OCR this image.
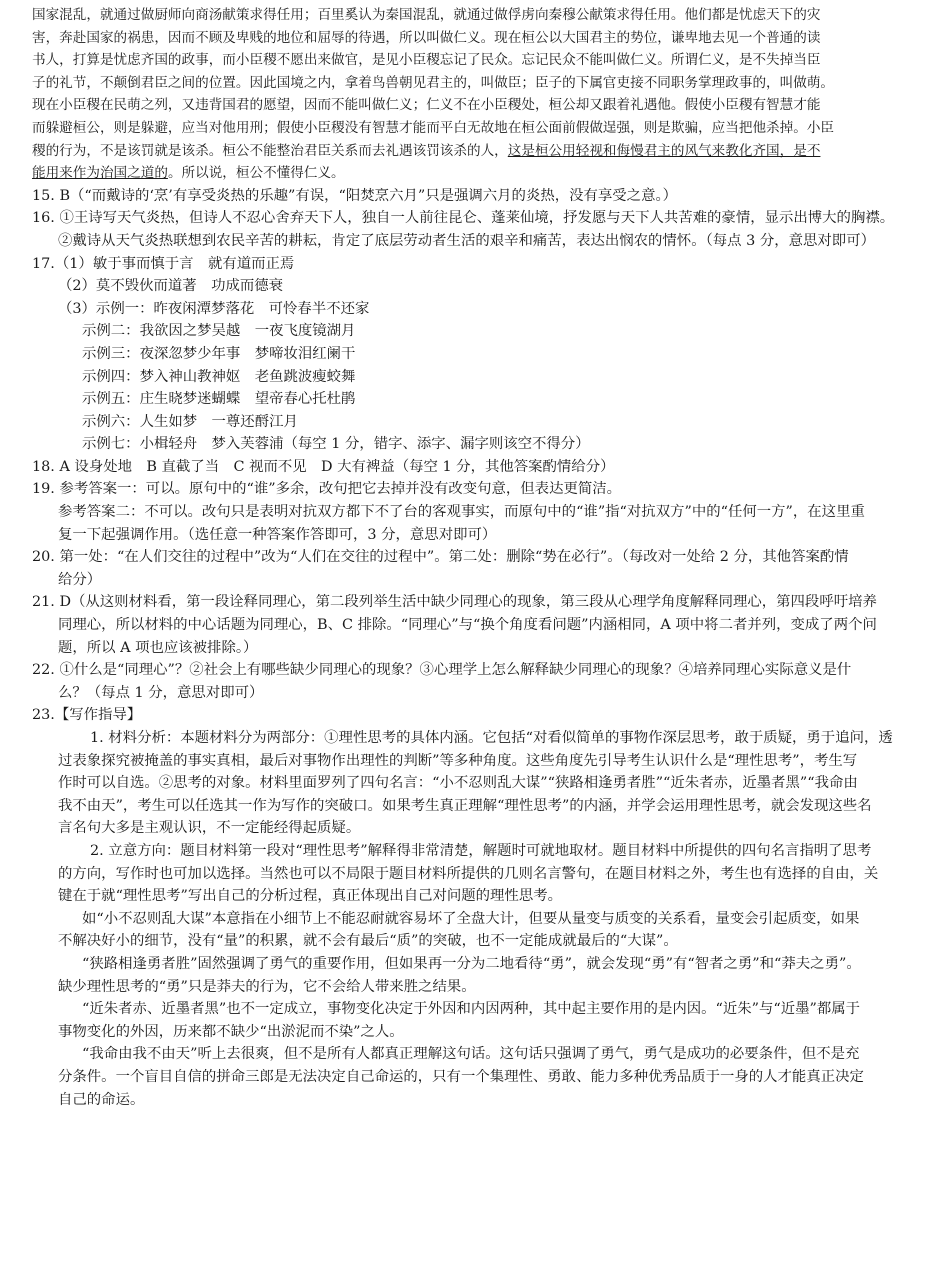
国家混乱，就通过做厨师向商汤献策求得任用；百里奚认为秦国混乱，就通过做俘虏向秦穆公献策求得任用。他们都是忧虑天下的灾
害，奔赴国家的祸患，因而不顾及卑贱的地位和屈辱的待遇，所以叫做仁义。现在桓公以大国君主的势位，谦卑地去见一个普通的读
书人，打算是忧虑齐国的政事，而小臣稷不愿出来做官，是见小臣稷忘记了民众。忘记民众不能叫做仁义。所谓仁义，是不失掉当臣
子的礼节，不颠倒君臣之间的位置。因此国境之内，拿着鸟兽朝见君主的，叫做臣；臣子的下属官吏接不同职务掌理政事的，叫做萌。
现在小臣稷在民萌之列，又违背国君的愿望，因而不能叫做仁义；仁义不在小臣稷处，桓公却又跟着礼遇他。假使小臣稷有智慧才能
而躲避桓公，则是躲避，应当对他用刑；假使小臣稷没有智慧才能而平白无故地在桓公面前假做逞强，则是欺骗，应当把他杀掉。小臣
稷的行为，不是该罚就是该杀。桓公不能整治君臣关系而去礼遇该罚该杀的人，这是桓公用轻视和侮慢君主的风气来教化齐国，是不
能用来作为治国之道的。所以说，桓公不懂得仁义。
15. B（“而戴诗的‘烹’有享受炎热的乐趣”有误，“阳焚烹六月”只是强调六月的炎热，没有享受之意。）
16. ①王诗写天气炎热，但诗人不忍心舍弃天下人，独自一人前往昆仑、蓬莱仙境，抒发愿与天下人共苦难的豪情，显示出博大的胸襟。
②戴诗从天气炎热联想到农民辛苦的耕耘，肯定了底层劳动者生活的艰辛和痛苦，表达出悯农的情怀。（每点 3 分，意思对即可）
17.（1）敏于事而慎于言　就有道而正焉
（2）莫不毁伙而道著　功成而德衰
（3）示例一：昨夜闲潭梦落花　可怜春半不还家
示例二：我欲因之梦吴越　一夜飞度镜湖月
示例三：夜深忽梦少年事　梦啼妆泪红阑干
示例四：梦入神山教神妪　老鱼跳波瘦蛟舞
示例五：庄生晓梦迷蝴蝶　望帝春心托杜鹃
示例六：人生如梦　一尊还酹江月
示例七：小楫轻舟　梦入芙蓉浦（每空 1 分，错字、添字、漏字则该空不得分）
18. A 设身处地　B 直截了当　C 视而不见　D 大有裨益（每空 1 分，其他答案酌情给分）
19. 参考答案一：可以。原句中的“谁”多余，改句把它去掉并没有改变句意，但表达更简洁。
参考答案二：不可以。改句只是表明对抗双方都下不了台的客观事实，而原句中的“谁”指“对抗双方”中的“任何一方”，在这里重
复一下起强调作用。（选任意一种答案作答即可，3 分，意思对即可）
20. 第一处：“在人们交往的过程中”改为“人们在交往的过程中”。第二处：删除“势在必行”。（每改对一处给 2 分，其他答案酌情
给分）
21. D（从这则材料看，第一段诠释同理心，第二段列举生活中缺少同理心的现象，第三段从心理学角度解释同理心，第四段呼吁培养
同理心，所以材料的中心话题为同理心，B、C 排除。“同理心”与“换个角度看问题”内涵相同，A 项中将二者并列，变成了两个问
题，所以 A 项也应该被排除。）
22. ①什么是“同理心”？②社会上有哪些缺少同理心的现象？③心理学上怎么解释缺少同理心的现象？④培养同理心实际意义是什
么？（每点 1 分，意思对即可）
23.【写作指导】
1. 材料分析：本题材料分为两部分：①理性思考的具体内涵。它包括“对看似简单的事物作深层思考，敢于质疑，勇于追问，透
过表象探究被掩盖的事实真相，最后对事物作出理性的判断”等多种角度。这些角度先引导考生认识什么是“理性思考”，考生写
作时可以自选。②思考的对象。材料里面罗列了四句名言：“小不忍则乱大谋”“狭路相逢勇者胜”“近朱者赤，近墨者黑”“我命由
我不由天”，考生可以任选其一作为写作的突破口。如果考生真正理解“理性思考”的内涵，并学会运用理性思考，就会发现这些名
言名句大多是主观认识，不一定能经得起质疑。
2. 立意方向：题目材料第一段对“理性思考”解释得非常清楚，解题时可就地取材。题目材料中所提供的四句名言指明了思考
的方向，写作时也可加以选择。当然也可以不局限于题目材料所提供的几则名言警句，在题目材料之外，考生也有选择的自由，关
键在于就“理性思考”写出自己的分析过程，真正体现出自己对问题的理性思考。
如“小不忍则乱大谋”本意指在小细节上不能忍耐就容易坏了全盘大计，但要从量变与质变的关系看，量变会引起质变，如果
不解决好小的细节，没有“量”的积累，就不会有最后“质”的突破，也不一定能成就最后的“大谋”。
“狭路相逢勇者胜”固然强调了勇气的重要作用，但如果再一分为二地看待“勇”，就会发现“勇”有“智者之勇”和“莽夫之勇”。
缺少理性思考的“勇”只是莽夫的行为，它不会给人带来胜之结果。
“近朱者赤、近墨者黑”也不一定成立，事物变化决定于外因和内因两种，其中起主要作用的是内因。“近朱”与“近墨”都属于
事物变化的外因，历来都不缺少“出淤泥而不染”之人。
“我命由我不由天”听上去很爽，但不是所有人都真正理解这句话。这句话只强调了勇气，勇气是成功的必要条件，但不是充
分条件。一个盲目自信的拼命三郎是无法决定自己命运的，只有一个集理性、勇敢、能力多种优秀品质于一身的人才能真正决定
自己的命运。
